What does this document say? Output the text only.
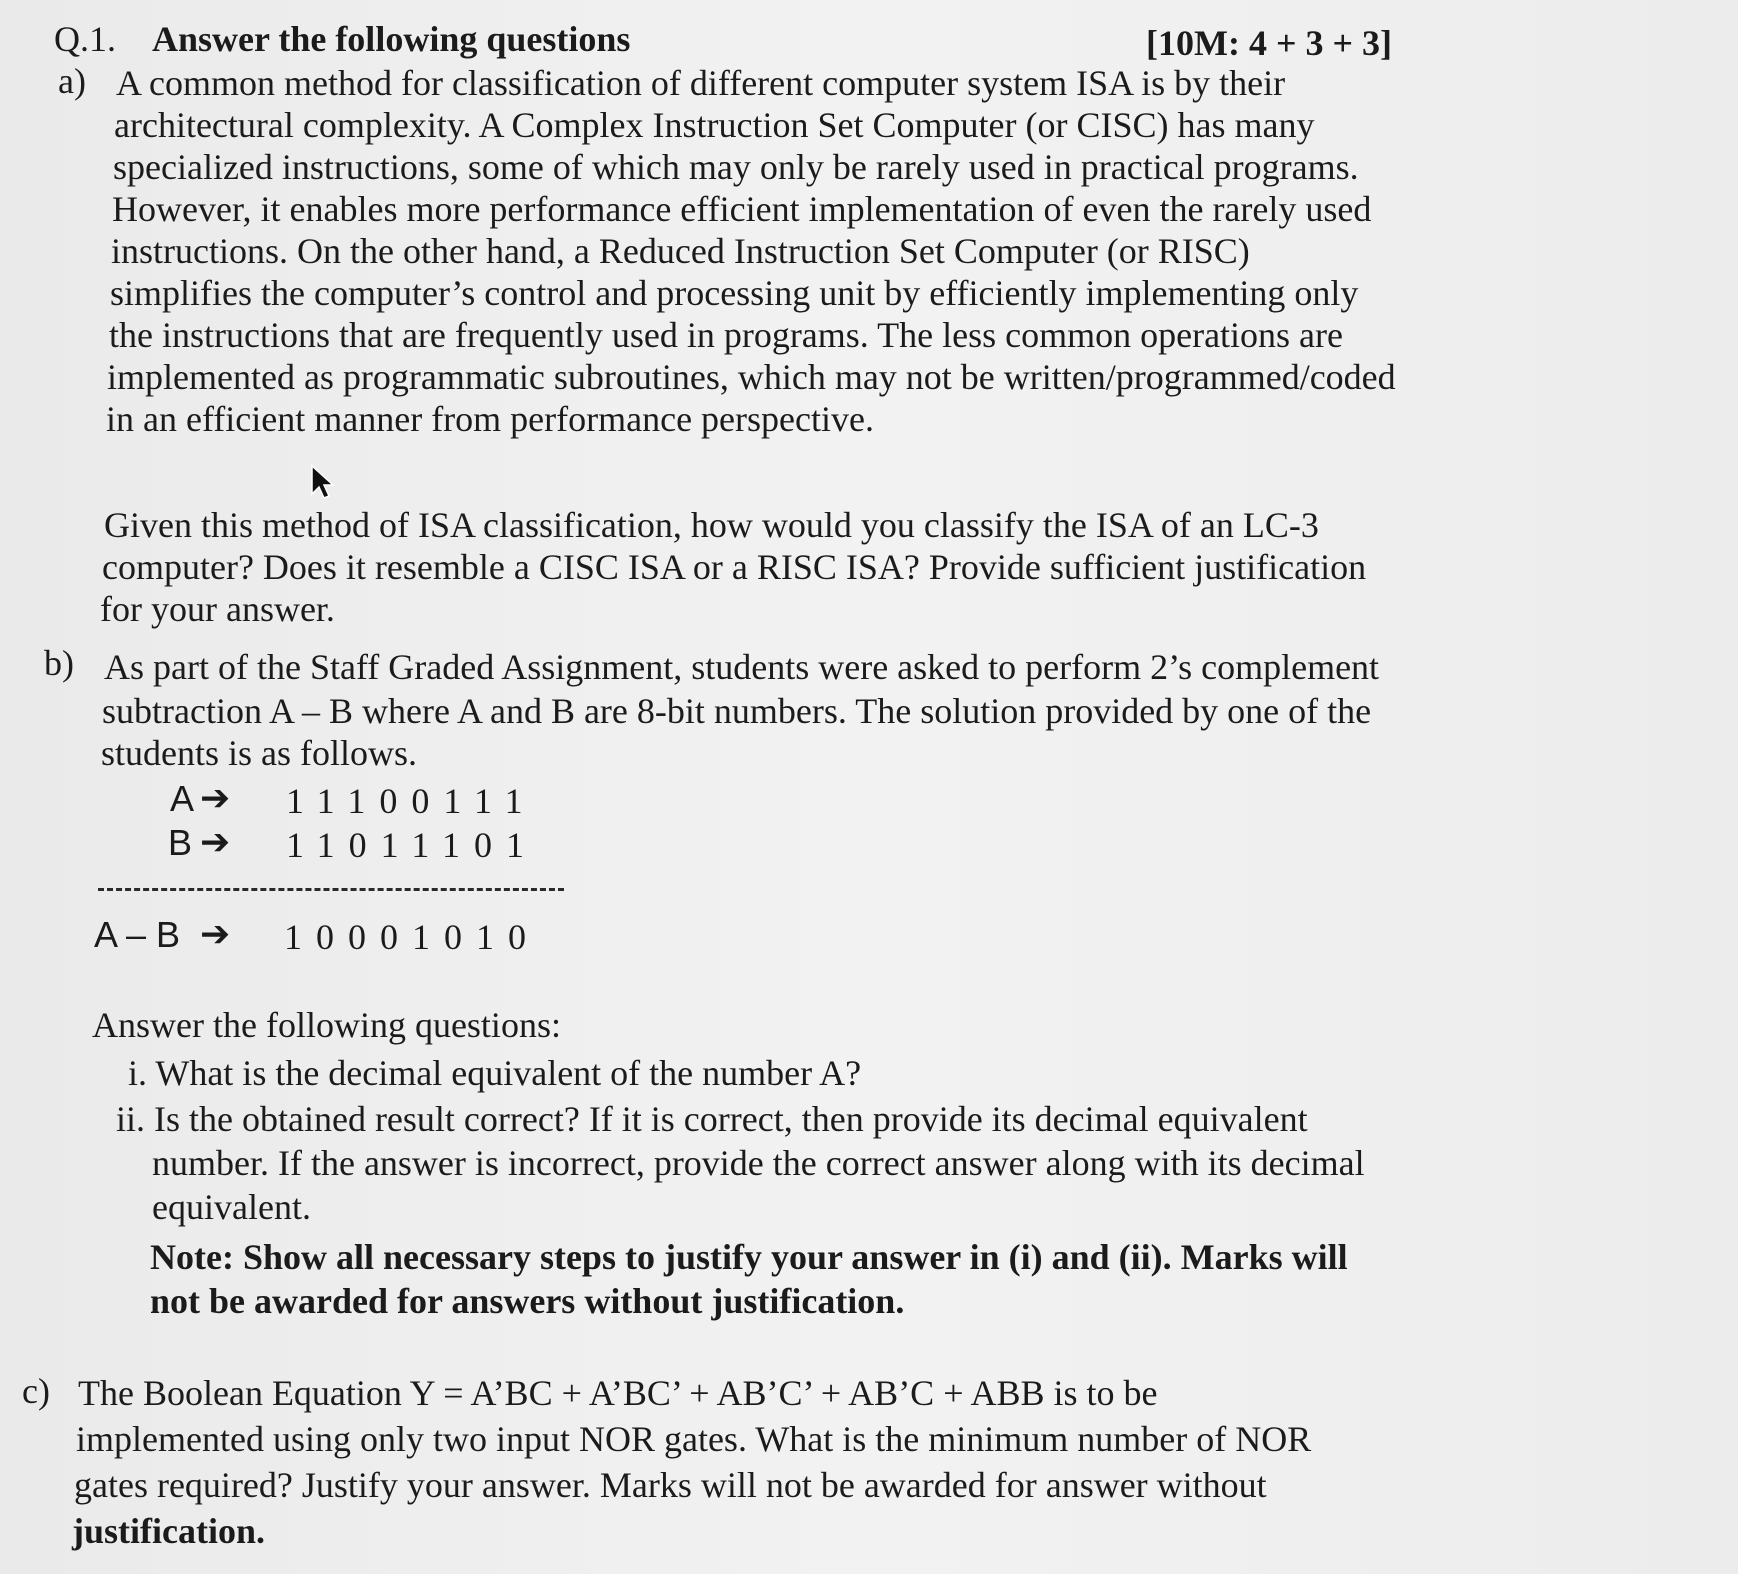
Q.1. Answer the following questions	[10M: 4 + 3 + 3]
a) A common method for classification of different computer system ISA is by their
architectural complexity. A Complex Instruction Set Computer (or CISC) has many
specialized instructions, some of which may only be rarely used in practical programs.
However, it enables more performance efficient implementation of even the rarely used
instructions. On the other hand, a Reduced Instruction Set Computer (or RISC)
simplifies the computer’s control and processing unit by efficiently implementing only
the instructions that are frequently used in programs. The less common operations are
implemented as programmatic subroutines, which may not be written/programmed/coded
in an efficient manner from performance perspective.
Given this method of ISA classification, how would you classify the ISA of an LC-3
computer? Does it resemble a CISC ISA or a RISC ISA? Provide sufficient justification
for your answer.
b) As part of the Staff Graded Assignment, students were asked to perform 2’s complement
subtraction A – B where A and B are 8-bit numbers. The solution provided by one of the
students is as follows.
A ➔ 11100111
B ➔ 11011101
A – B ➔ 10001010
Answer the following questions:
i. What is the decimal equivalent of the number A?
ii. Is the obtained result correct? If it is correct, then provide its decimal equivalent
number. If the answer is incorrect, provide the correct answer along with its decimal
equivalent.
Note: Show all necessary steps to justify your answer in (i) and (ii). Marks will
not be awarded for answers without justification.
c) The Boolean Equation Y = A’BC + A’BC’ + AB’C’ + AB’C + ABB is to be
implemented using only two input NOR gates. What is the minimum number of NOR
gates required? Justify your answer. Marks will not be awarded for answer without
justification.
